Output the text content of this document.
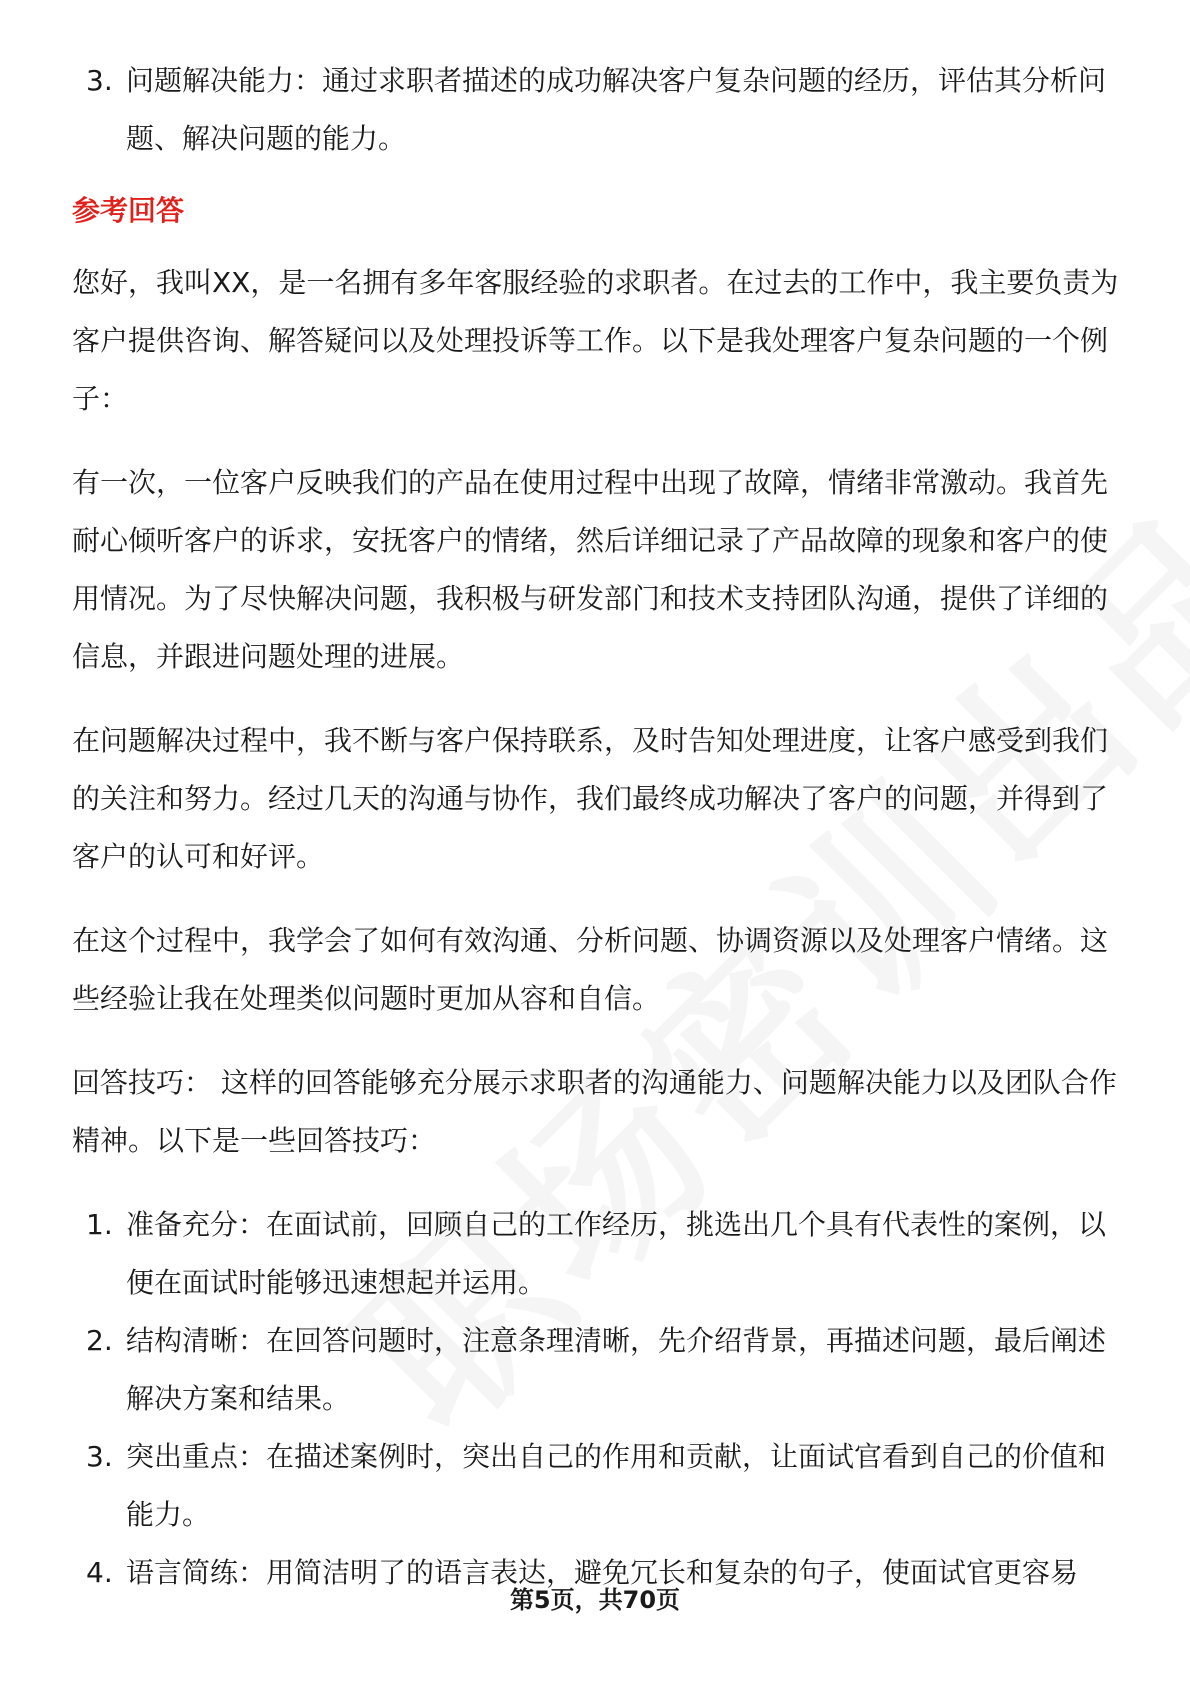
3. 问题解决能力：通过求职者描述的成功解决客户复杂问题的经历，评估其分析问题、解决问题的能力。
参考回答

您好，我叫XX，是一名拥有多年客服经验的求职者。在过去的工作中，我主要负责为客户提供咨询、解答疑问以及处理投诉等工作。以下是我处理客户复杂问题的一个例子：

有一次，一位客户反映我们的产品在使用过程中出现了故障，情绪非常激动。我首先耐心倾听客户的诉求，安抚客户的情绪，然后详细记录了产品故障的现象和客户的使用情况。为了尽快解决问题，我积极与研发部门和技术支持团队沟通，提供了详细的信息，并跟进问题处理的进展。

在问题解决过程中，我不断与客户保持联系，及时告知处理进度，让客户感受到我们的关注和努力。经过几天的沟通与协作，我们最终成功解决了客户的问题，并得到了客户的认可和好评。

在这个过程中，我学会了如何有效沟通、分析问题、协调资源以及处理客户情绪。这些经验让我在处理类似问题时更加从容和自信。

回答技巧： 这样的回答能够充分展示求职者的沟通能力、问题解决能力以及团队合作精神。以下是一些回答技巧：

1. 准备充分：在面试前，回顾自己的工作经历，挑选出几个具有代表性的案例，以便在面试时能够迅速想起并运用。
2. 结构清晰：在回答问题时，注意条理清晰，先介绍背景，再描述问题，最后阐述解决方案和结果。
3. 突出重点：在描述案例时，突出自己的作用和贡献，让面试官看到自己的价值和能力。
4. 语言简练：用简洁明了的语言表达，避免冗长和复杂的句子，使面试官更容易
第5页，共70页
